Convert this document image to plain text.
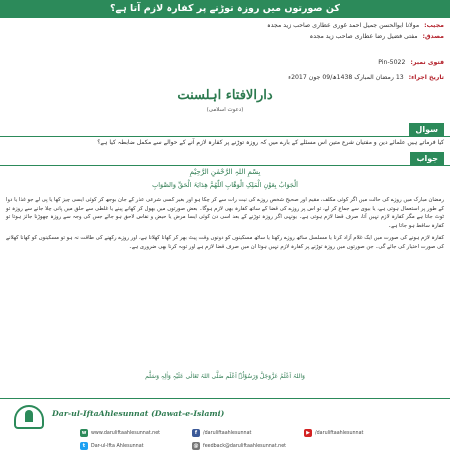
کن صورتوں میں روزہ توڑنے پر کفارہ لازم آتا ہے؟
مجیب: مولانا ابوالحسن جمیل احمد غوری عطاری صاحب زید مجدہ
مصدق: مفتی فضیل رضا عطاری صاحب زید مجدہ
فتوی نمبر: Pin-5022
تاریخ اجراء: 13 رمضان المبارک 1438ھ/09 جون 2017ء
دارالافتاء اہلسنت
(دعوت اسلامی)
سوال
کیا فرماتے ہیں علمائے دین و مفتیان شرع متین اس مسئلے کے بارے میں کہ روزہ توڑنے پر کفارہ لازم آنے کے حوالے سے مکمل ضابطہ کیا ہے؟
جواب
بِسْمِ اللہِ الرَّحْمٰنِ الرَّحِیْمِ
اَلْجَوَابُ بِعَوْنِ الْمَلِکِ الْوَھَّابِ اَللّٰھُمَّ ھِدَایَۃَ الْحَقِّ وَالصَّوَابِ

رمضان مبارک میں روزے کی حالت میں اگر کوئی مکلف، مقیم اور صحیح شخص روزے کی نیت رات سے کر چکا ہو اور بغیر کسی شرعی عذر کے جان بوجھ کر کوئی ایسی چیز کھا یا پی لے جو غذا یا دوا کے طور پر استعمال ہوتی ہے، یا بیوی سے جماع کر لے، تو اس پر روزے کی قضا کے ساتھ کفارہ بھی لازم ہوگا۔ بعض صورتوں میں بھول کر کھانے پینے یا غلطی سے حلق میں پانی چلا جانے سے روزہ تو ٹوٹ جاتا ہے مگر کفارہ لازم نہیں آتا، صرف قضا لازم ہوتی ہے۔ یونہی اگر روزہ توڑنے کے بعد اسی دن کوئی ایسا مرض یا حیض و نفاس لاحق ہو جائے جس کی وجہ سے روزہ چھوڑنا جائز ہوتا تو کفارہ ساقط ہو جاتا ہے۔

کفارہ لازم ہونے کی صورت میں ایک غلام آزاد کرنا یا مسلسل ساٹھ روزے رکھنا یا ساٹھ مسکینوں کو دونوں وقت پیٹ بھر کر کھانا کھلانا ہے، اور روزے رکھنے کی طاقت نہ ہو تو مسکینوں کو کھانا کھلانے کی صورت اختیار کی جائے گی۔ جن صورتوں میں روزہ توڑنے پر کفارہ لازم نہیں ہوتا ان میں صرف قضا لازم ہے اور توبہ کرنا بھی ضروری ہے۔

وَاللہُ اَعْلَمُ عَزَّوَجَلَّ وَرَسُوْلُہٗ اَعْلَم صَلَّی اللہُ تَعَالٰی عَلَیْہِ وَاٰلِہٖ وَسَلَّم
Dar-ul-IftaAhlesunnat (Dawat-e-Islami)
w www.daruliftaahlesunnat.net	f	/daruliftaahlesunnat	▶	/daruliftaahlesunnat
t	Dar-ul-Ifta Ahlesunnat	@ feedback@daruliftaahlesunnat.net
